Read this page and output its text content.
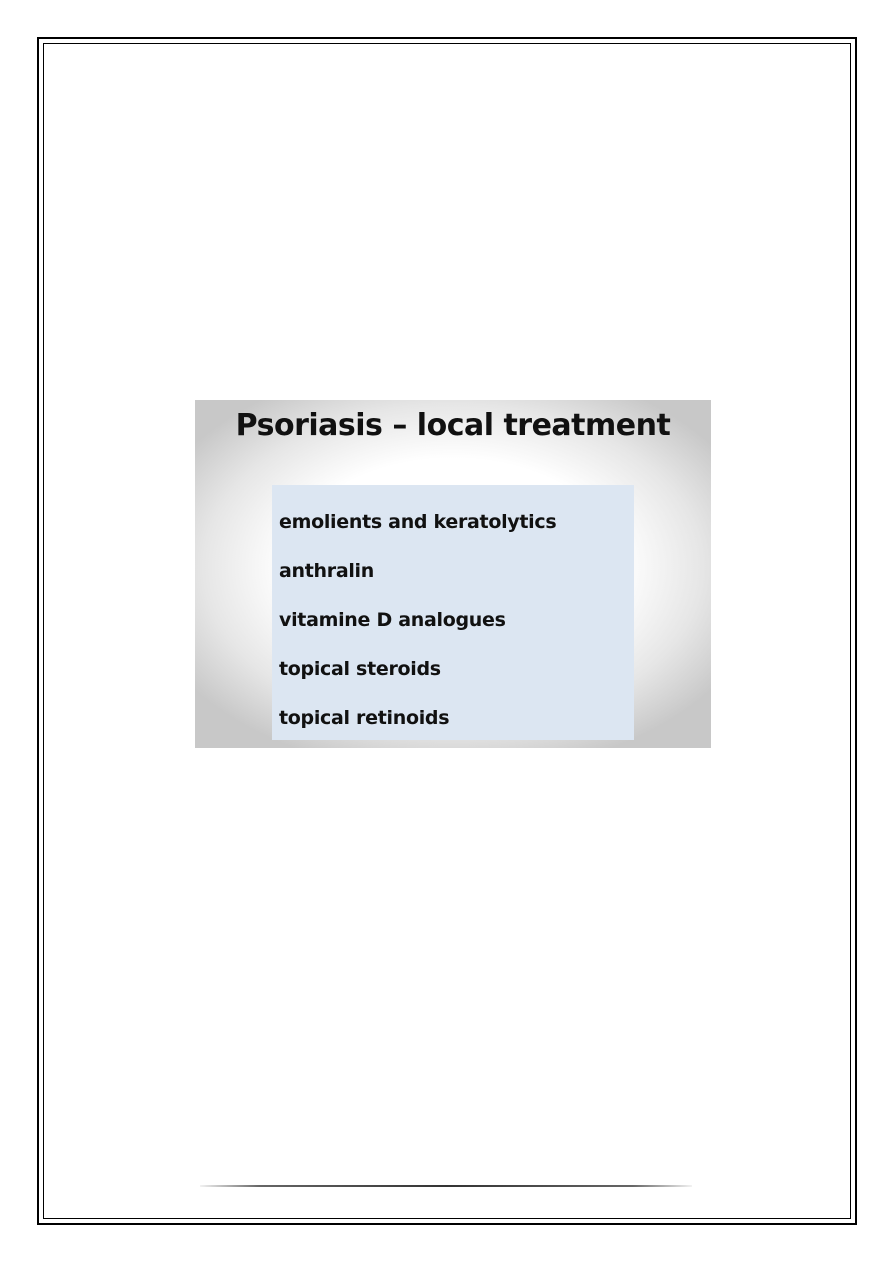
Psoriasis – local treatment
emolients and keratolytics
anthralin
vitamine D analogues
topical steroids
topical retinoids
